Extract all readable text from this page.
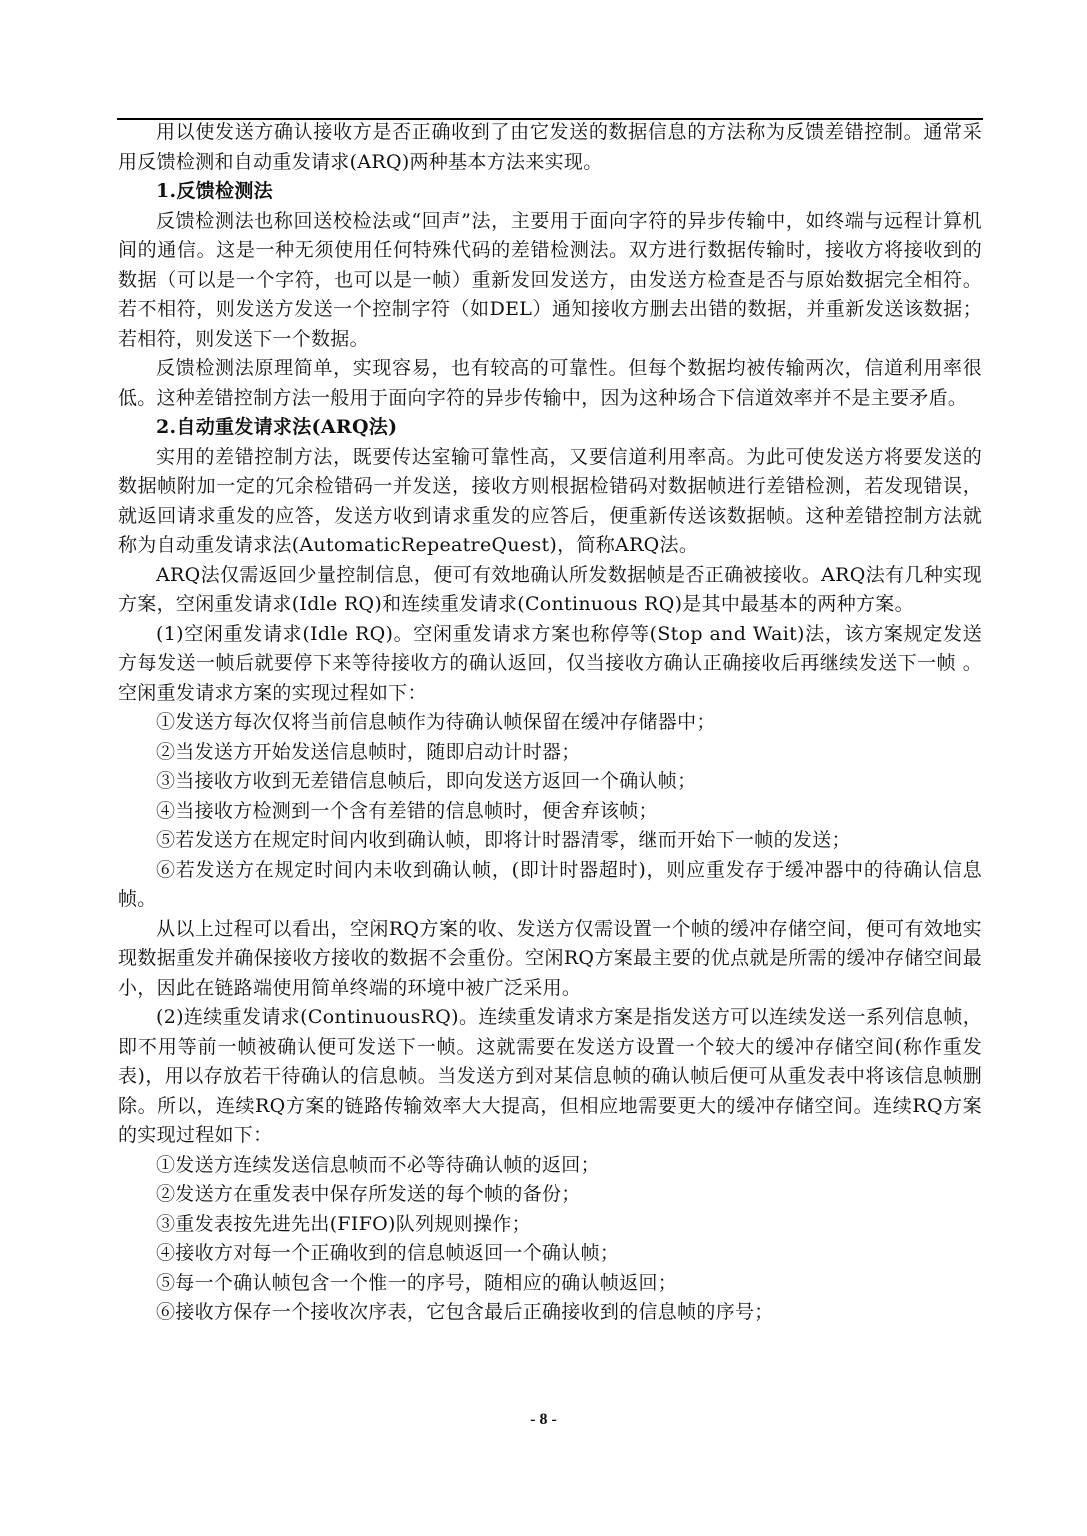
用以使发送方确认接收方是否正确收到了由它发送的数据信息的方法称为反馈差错控制。通常采用反馈检测和自动重发请求(ARQ)两种基本方法来实现。

1.反馈检测法

反馈检测法也称回送校检法或“回声”法，主要用于面向字符的异步传输中，如终端与远程计算机间的通信。这是一种无须使用任何特殊代码的差错检测法。双方进行数据传输时，接收方将接收到的数据（可以是一个字符，也可以是一帧）重新发回发送方，由发送方检查是否与原始数据完全相符。若不相符，则发送方发送一个控制字符（如DEL）通知接收方删去出错的数据，并重新发送该数据；若相符，则发送下一个数据。

反馈检测法原理简单，实现容易，也有较高的可靠性。但每个数据均被传输两次，信道利用率很低。这种差错控制方法一般用于面向字符的异步传输中，因为这种场合下信道效率并不是主要矛盾。

2.自动重发请求法(ARQ法)

实用的差错控制方法，既要传达室输可靠性高，又要信道利用率高。为此可使发送方将要发送的数据帧附加一定的冗余检错码一并发送，接收方则根据检错码对数据帧进行差错检测，若发现错误，就返回请求重发的应答，发送方收到请求重发的应答后，便重新传送该数据帧。这种差错控制方法就称为自动重发请求法(AutomaticRepeatreQuest)，简称ARQ法。

ARQ法仅需返回少量控制信息，便可有效地确认所发数据帧是否正确被接收。ARQ法有几种实现方案，空闲重发请求(Idle RQ)和连续重发请求(Continuous RQ)是其中最基本的两种方案。

(1)空闲重发请求(Idle RQ)。空闲重发请求方案也称停等(Stop and Wait)法，该方案规定发送方每发送一帧后就要停下来等待接收方的确认返回，仅当接收方确认正确接收后再继续发送下一帧 。空闲重发请求方案的实现过程如下：

①发送方每次仅将当前信息帧作为待确认帧保留在缓冲存储器中；

②当发送方开始发送信息帧时，随即启动计时器；

③当接收方收到无差错信息帧后，即向发送方返回一个确认帧；

④当接收方检测到一个含有差错的信息帧时，便舍弃该帧；

⑤若发送方在规定时间内收到确认帧，即将计时器清零，继而开始下一帧的发送；

⑥若发送方在规定时间内未收到确认帧，(即计时器超时)，则应重发存于缓冲器中的待确认信息帧。

从以上过程可以看出，空闲RQ方案的收、发送方仅需设置一个帧的缓冲存储空间，便可有效地实现数据重发并确保接收方接收的数据不会重份。空闲RQ方案最主要的优点就是所需的缓冲存储空间最小，因此在链路端使用简单终端的环境中被广泛采用。

(2)连续重发请求(ContinuousRQ)。连续重发请求方案是指发送方可以连续发送一系列信息帧，即不用等前一帧被确认便可发送下一帧。这就需要在发送方设置一个较大的缓冲存储空间(称作重发表)，用以存放若干待确认的信息帧。当发送方到对某信息帧的确认帧后便可从重发表中将该信息帧删除。所以，连续RQ方案的链路传输效率大大提高，但相应地需要更大的缓冲存储空间。连续RQ方案的实现过程如下：

①发送方连续发送信息帧而不必等待确认帧的返回；

②发送方在重发表中保存所发送的每个帧的备份；

③重发表按先进先出(FIFO)队列规则操作；

④接收方对每一个正确收到的信息帧返回一个确认帧；

⑤每一个确认帧包含一个惟一的序号，随相应的确认帧返回；

⑥接收方保存一个接收次序表，它包含最后正确接收到的信息帧的序号；

- 8 -
